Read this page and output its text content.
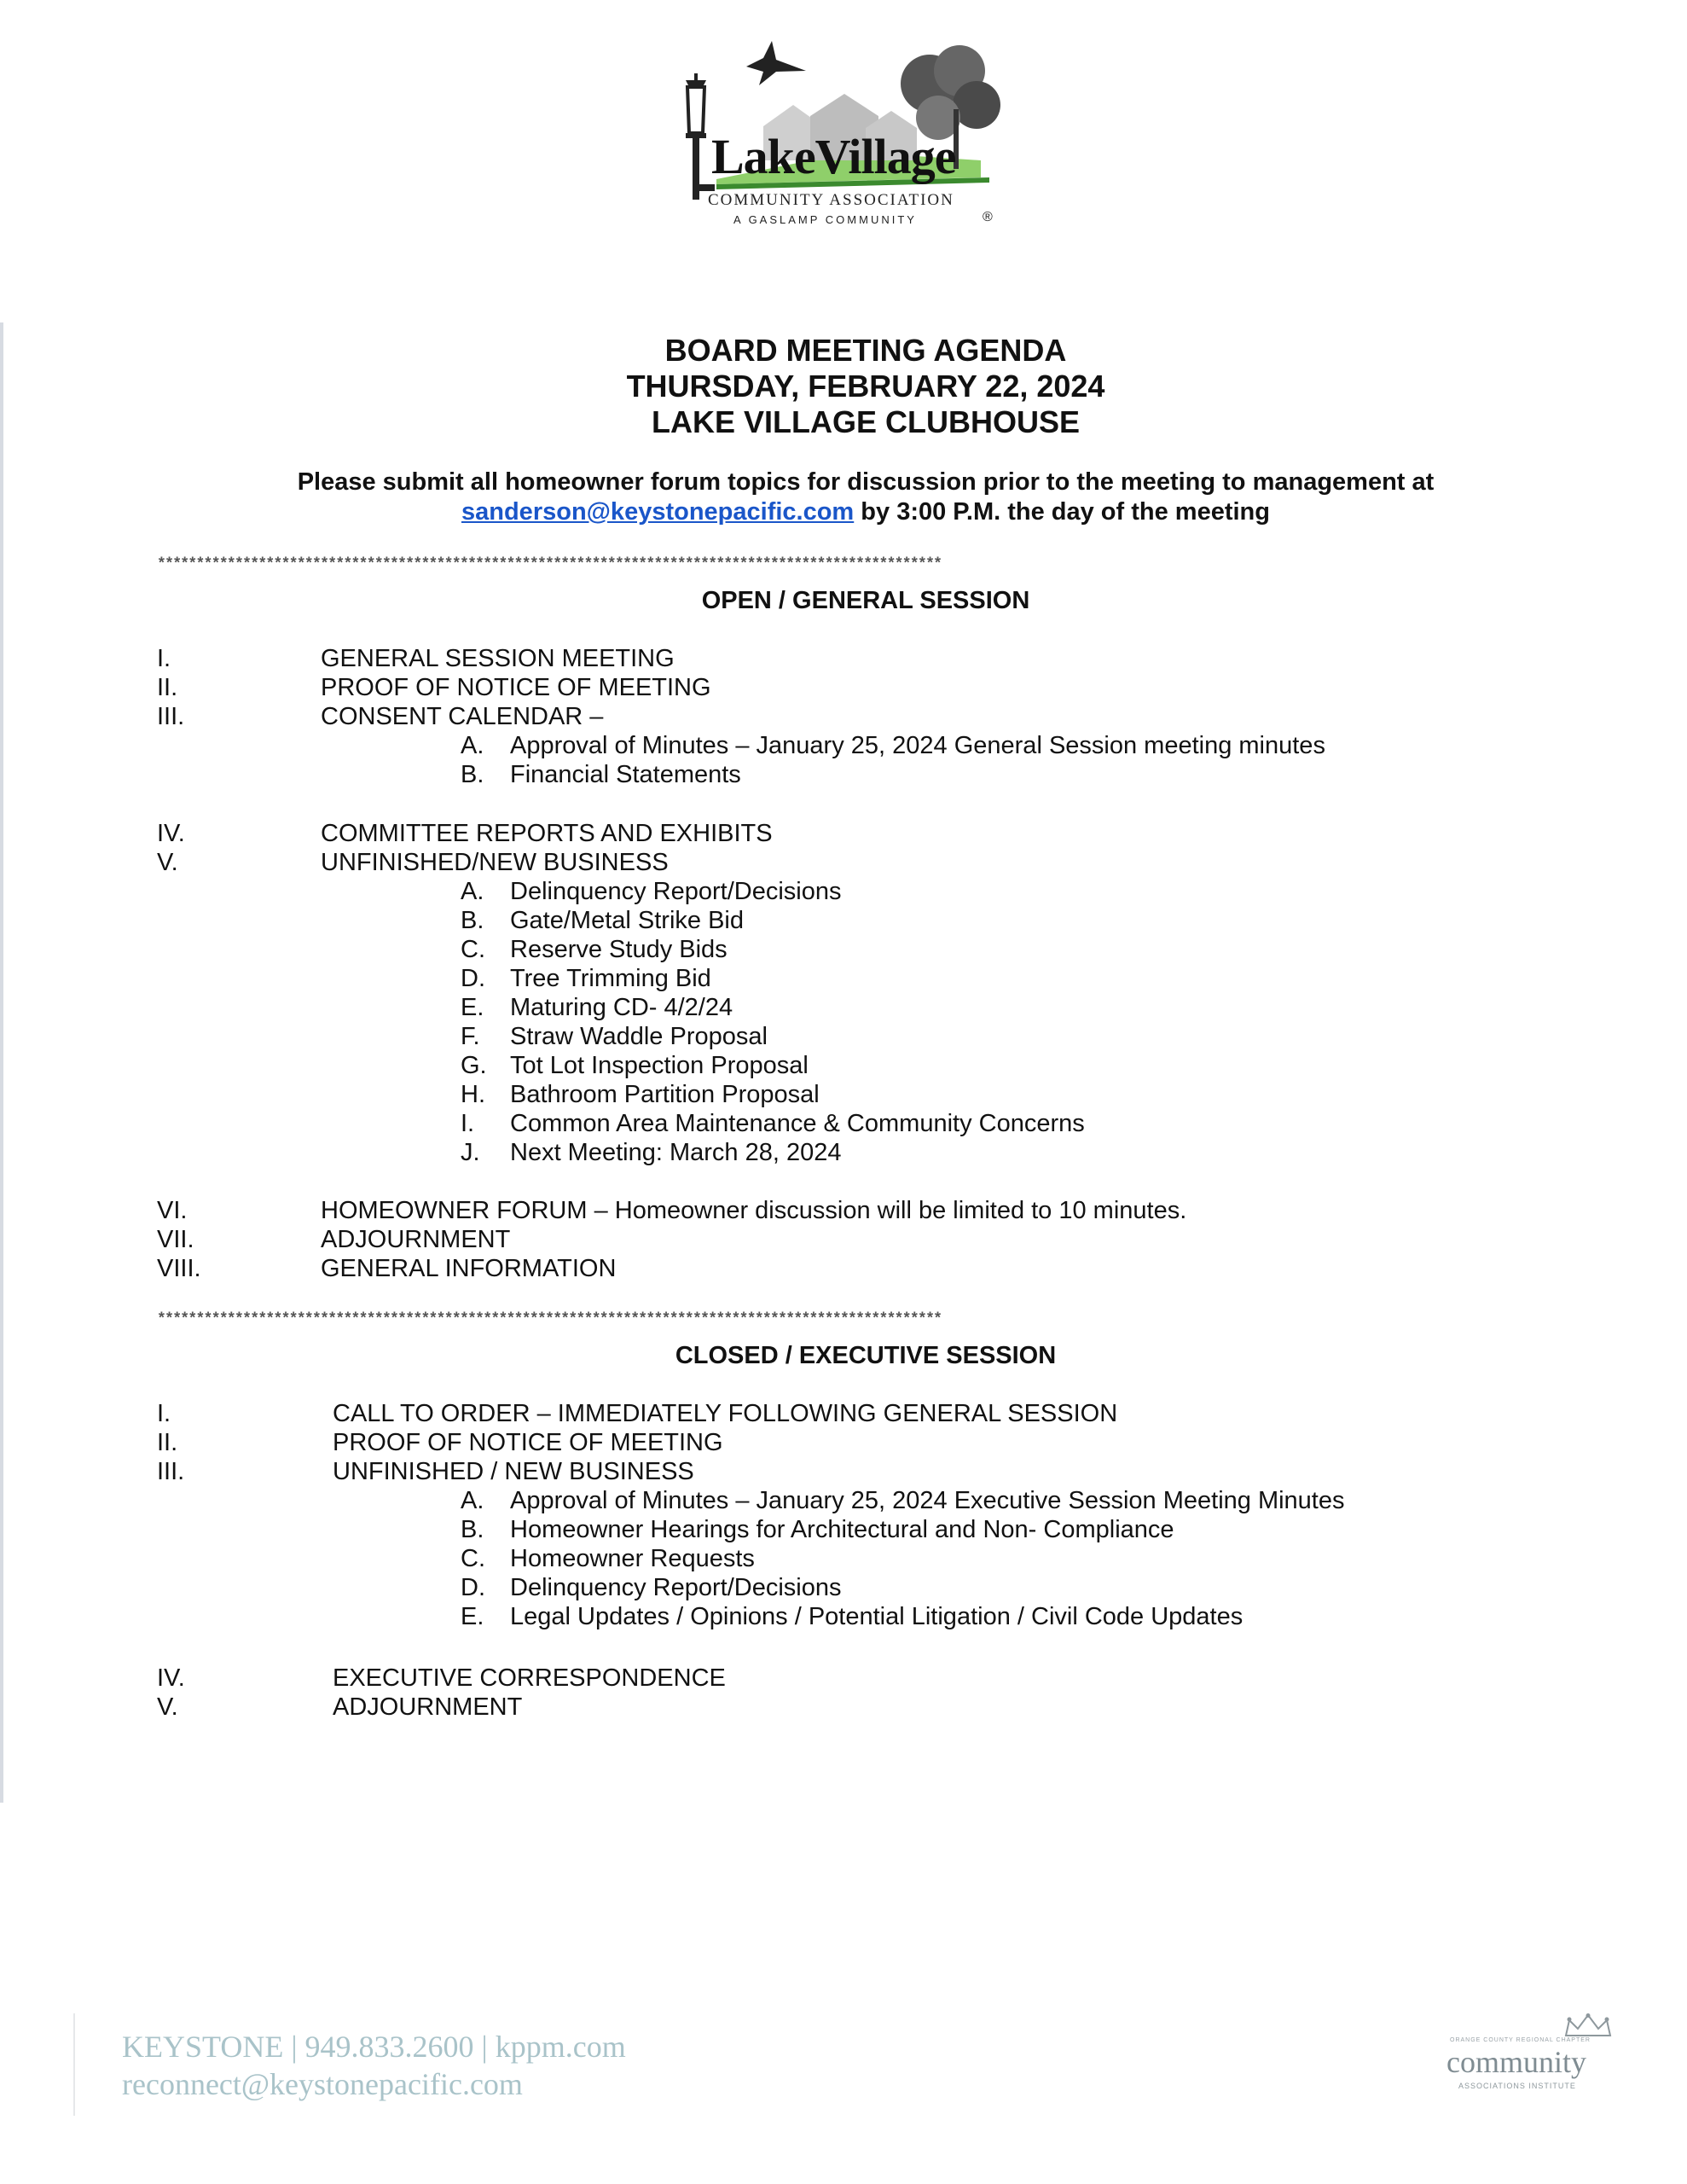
LakeVillage
COMMUNITY ASSOCIATION
A GASLAMP COMMUNITY	®
BOARD MEETING AGENDA
THURSDAY, FEBRUARY 22, 2024
LAKE VILLAGE CLUBHOUSE
Please submit all homeowner forum topics for discussion prior to the meeting to management at
sanderson@keystonepacific.com by 3:00 P.M. the day of the meeting
*****************************************************************************************************
OPEN / GENERAL SESSION
I.	GENERAL SESSION MEETING
II.	PROOF OF NOTICE OF MEETING
III.	CONSENT CALENDAR –
A. Approval of Minutes – January 25, 2024 General Session meeting minutes
B. Financial Statements
IV.	COMMITTEE REPORTS AND EXHIBITS
V.	UNFINISHED/NEW BUSINESS
A. Delinquency Report/Decisions
B. Gate/Metal Strike Bid
C. Reserve Study Bids
D. Tree Trimming Bid
E. Maturing CD- 4/2/24
F. Straw Waddle Proposal
G. Tot Lot Inspection Proposal
H. Bathroom Partition Proposal
I. Common Area Maintenance & Community Concerns
J. Next Meeting: March 28, 2024
VI.	HOMEOWNER FORUM – Homeowner discussion will be limited to 10 minutes.
VII.	ADJOURNMENT
VIII.	GENERAL INFORMATION
*****************************************************************************************************
CLOSED / EXECUTIVE SESSION
I.	CALL TO ORDER – IMMEDIATELY FOLLOWING GENERAL SESSION
II.	PROOF OF NOTICE OF MEETING
III.	UNFINISHED / NEW BUSINESS
A. Approval of Minutes – January 25, 2024 Executive Session Meeting Minutes
B. Homeowner Hearings for Architectural and Non- Compliance
C. Homeowner Requests
D. Delinquency Report/Decisions
E. Legal Updates / Opinions / Potential Litigation / Civil Code Updates
IV.	EXECUTIVE CORRESPONDENCE
V.	ADJOURNMENT
KEYSTONE | 949.833.2600 | kppm.com
reconnect@keystonepacific.com
ORANGE COUNTY REGIONAL CHAPTER
community
ASSOCIATIONS INSTITUTE
